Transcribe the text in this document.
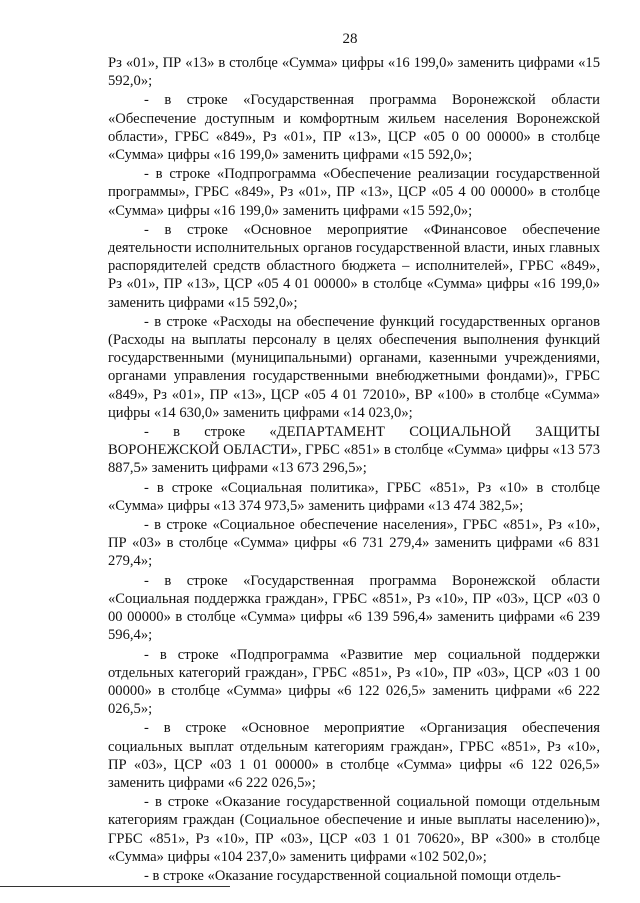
28

Рз «01», ПР «13» в столбце «Сумма» цифры «16 199,0» заменить цифрами «15 592,0»;

- в строке «Государственная программа Воронежской области «Обеспечение доступным и комфортным жильем населения Воронежской области», ГРБС «849», Рз «01», ПР «13», ЦСР «05 0 00 00000» в столбце «Сумма» цифры «16 199,0» заменить цифрами «15 592,0»;

- в строке «Подпрограмма «Обеспечение реализации государственной программы», ГРБС «849», Рз «01», ПР «13», ЦСР «05 4 00 00000» в столбце «Сумма» цифры «16 199,0» заменить цифрами «15 592,0»;

- в строке «Основное мероприятие «Финансовое обеспечение деятельности исполнительных органов государственной власти, иных главных распорядителей средств областного бюджета – исполнителей», ГРБС «849», Рз «01», ПР «13», ЦСР «05 4 01 00000» в столбце «Сумма» цифры «16 199,0» заменить цифрами «15 592,0»;

- в строке «Расходы на обеспечение функций государственных органов (Расходы на выплаты персоналу в целях обеспечения выполнения функций государственными (муниципальными) органами, казенными учреждениями, органами управления государственными внебюджетными фондами)», ГРБС «849», Рз «01», ПР «13», ЦСР «05 4 01 72010», ВР «100» в столбце «Сумма» цифры «14 630,0» заменить цифрами «14 023,0»;

- в строке «ДЕПАРТАМЕНТ СОЦИАЛЬНОЙ ЗАЩИТЫ ВОРОНЕЖСКОЙ ОБЛАСТИ», ГРБС «851» в столбце «Сумма» цифры «13 573 887,5» заменить цифрами «13 673 296,5»;

- в строке «Социальная политика», ГРБС «851», Рз «10» в столбце «Сумма» цифры «13 374 973,5» заменить цифрами «13 474 382,5»;

- в строке «Социальное обеспечение населения», ГРБС «851», Рз «10», ПР «03» в столбце «Сумма» цифры «6 731 279,4» заменить цифрами «6 831 279,4»;

- в строке «Государственная программа Воронежской области «Социальная поддержка граждан», ГРБС «851», Рз «10», ПР «03», ЦСР «03 0 00 00000» в столбце «Сумма» цифры «6 139 596,4» заменить цифрами «6 239 596,4»;

- в строке «Подпрограмма «Развитие мер социальной поддержки отдельных категорий граждан», ГРБС «851», Рз «10», ПР «03», ЦСР «03 1 00 00000» в столбце «Сумма» цифры «6 122 026,5» заменить цифрами «6 222 026,5»;

- в строке «Основное мероприятие «Организация обеспечения социальных выплат отдельным категориям граждан», ГРБС «851», Рз «10», ПР «03», ЦСР «03 1 01 00000» в столбце «Сумма» цифры «6 122 026,5» заменить цифрами «6 222 026,5»;

- в строке «Оказание государственной социальной помощи отдельным категориям граждан (Социальное обеспечение и иные выплаты населению)», ГРБС «851», Рз «10», ПР «03», ЦСР «03 1 01 70620», ВР «300» в столбце «Сумма» цифры «104 237,0» заменить цифрами «102 502,0»;

- в строке «Оказание государственной социальной помощи отдель-
